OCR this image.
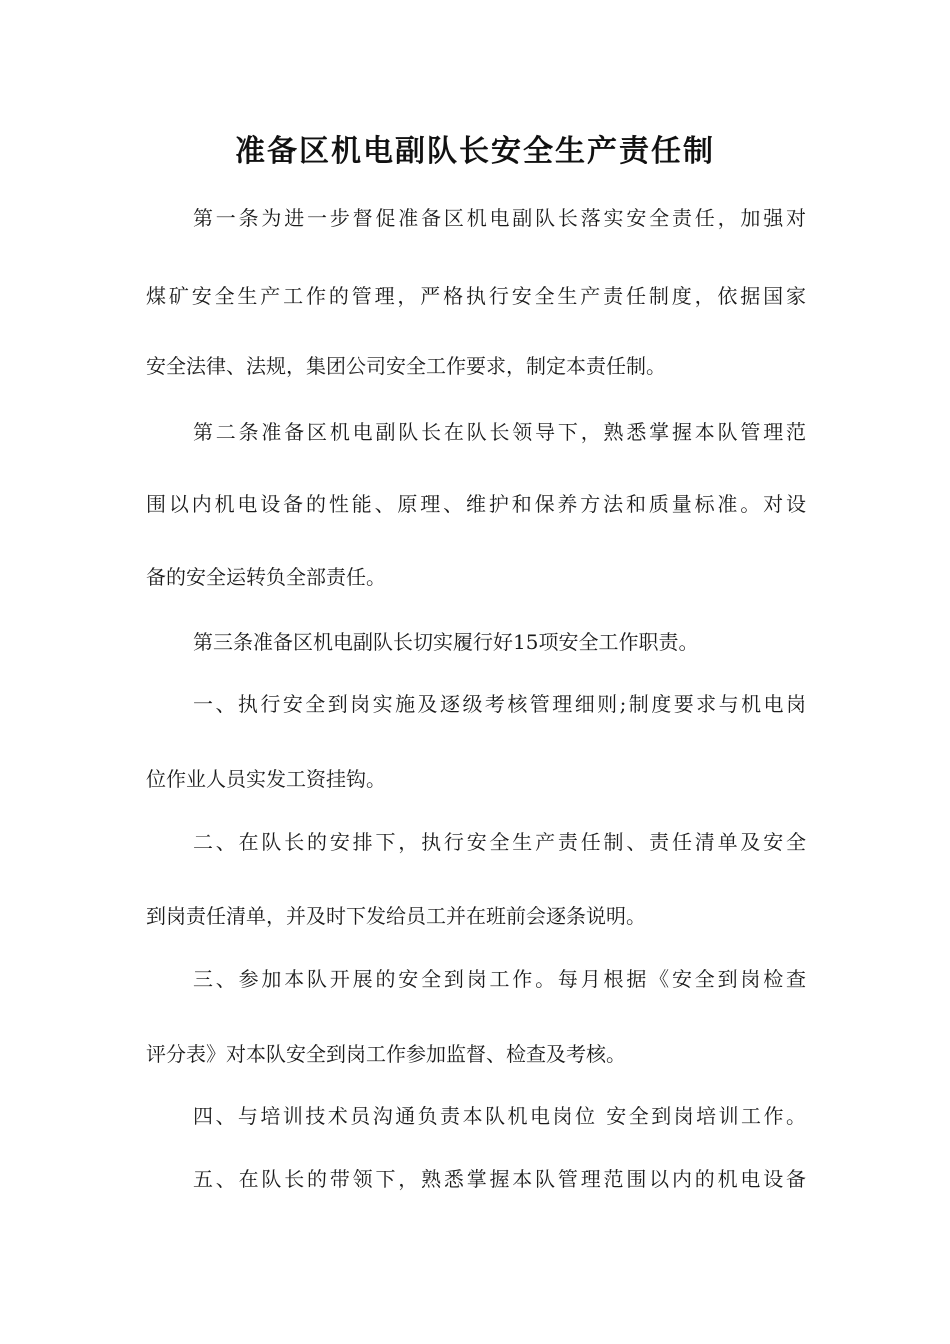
准备区机电副队长安全生产责任制
第一条为进一步督促准备区机电副队长落实安全责任，加强对
煤矿安全生产工作的管理，严格执行安全生产责任制度，依据国家
安全法律、法规，集团公司安全工作要求，制定本责任制。
第二条准备区机电副队长在队长领导下，熟悉掌握本队管理范
围以内机电设备的性能、原理、维护和保养方法和质量标准。对设
备的安全运转负全部责任。
第三条准备区机电副队长切实履行好15项安全工作职责。
一、执行安全到岗实施及逐级考核管理细则;制度要求与机电岗
位作业人员实发工资挂钩。
二、在队长的安排下，执行安全生产责任制、责任清单及安全
到岗责任清单，并及时下发给员工并在班前会逐条说明。
三、参加本队开展的安全到岗工作。每月根据《安全到岗检查
评分表》对本队安全到岗工作参加监督、检查及考核。
四、与培训技术员沟通负责本队机电岗位 安全到岗培训工作。
五、在队长的带领下，熟悉掌握本队管理范围以内的机电设备
